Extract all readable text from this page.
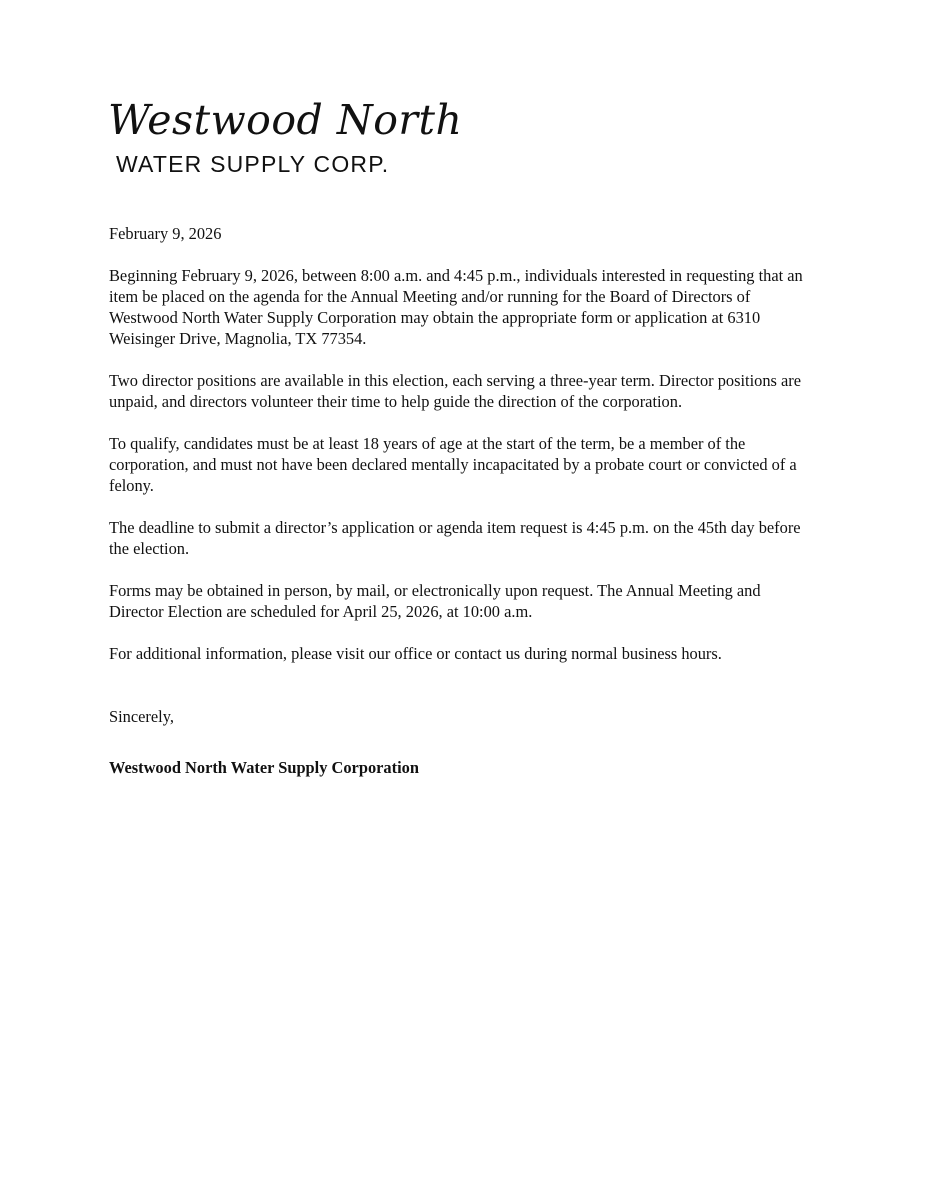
Westwood North
WATER SUPPLY CORP.

February 9, 2026

Beginning February 9, 2026, between 8:00 a.m. and 4:45 p.m., individuals interested in requesting that an item be placed on the agenda for the Annual Meeting and/or running for the Board of Directors of Westwood North Water Supply Corporation may obtain the appropriate form or application at 6310 Weisinger Drive, Magnolia, TX 77354.

Two director positions are available in this election, each serving a three-year term. Director positions are unpaid, and directors volunteer their time to help guide the direction of the corporation.

To qualify, candidates must be at least 18 years of age at the start of the term, be a member of the corporation, and must not have been declared mentally incapacitated by a probate court or convicted of a felony.

The deadline to submit a director’s application or agenda item request is 4:45 p.m. on the 45th day before the election.

Forms may be obtained in person, by mail, or electronically upon request. The Annual Meeting and Director Election are scheduled for April 25, 2026, at 10:00 a.m.

For additional information, please visit our office or contact us during normal business hours.

Sincerely,

Westwood North Water Supply Corporation
